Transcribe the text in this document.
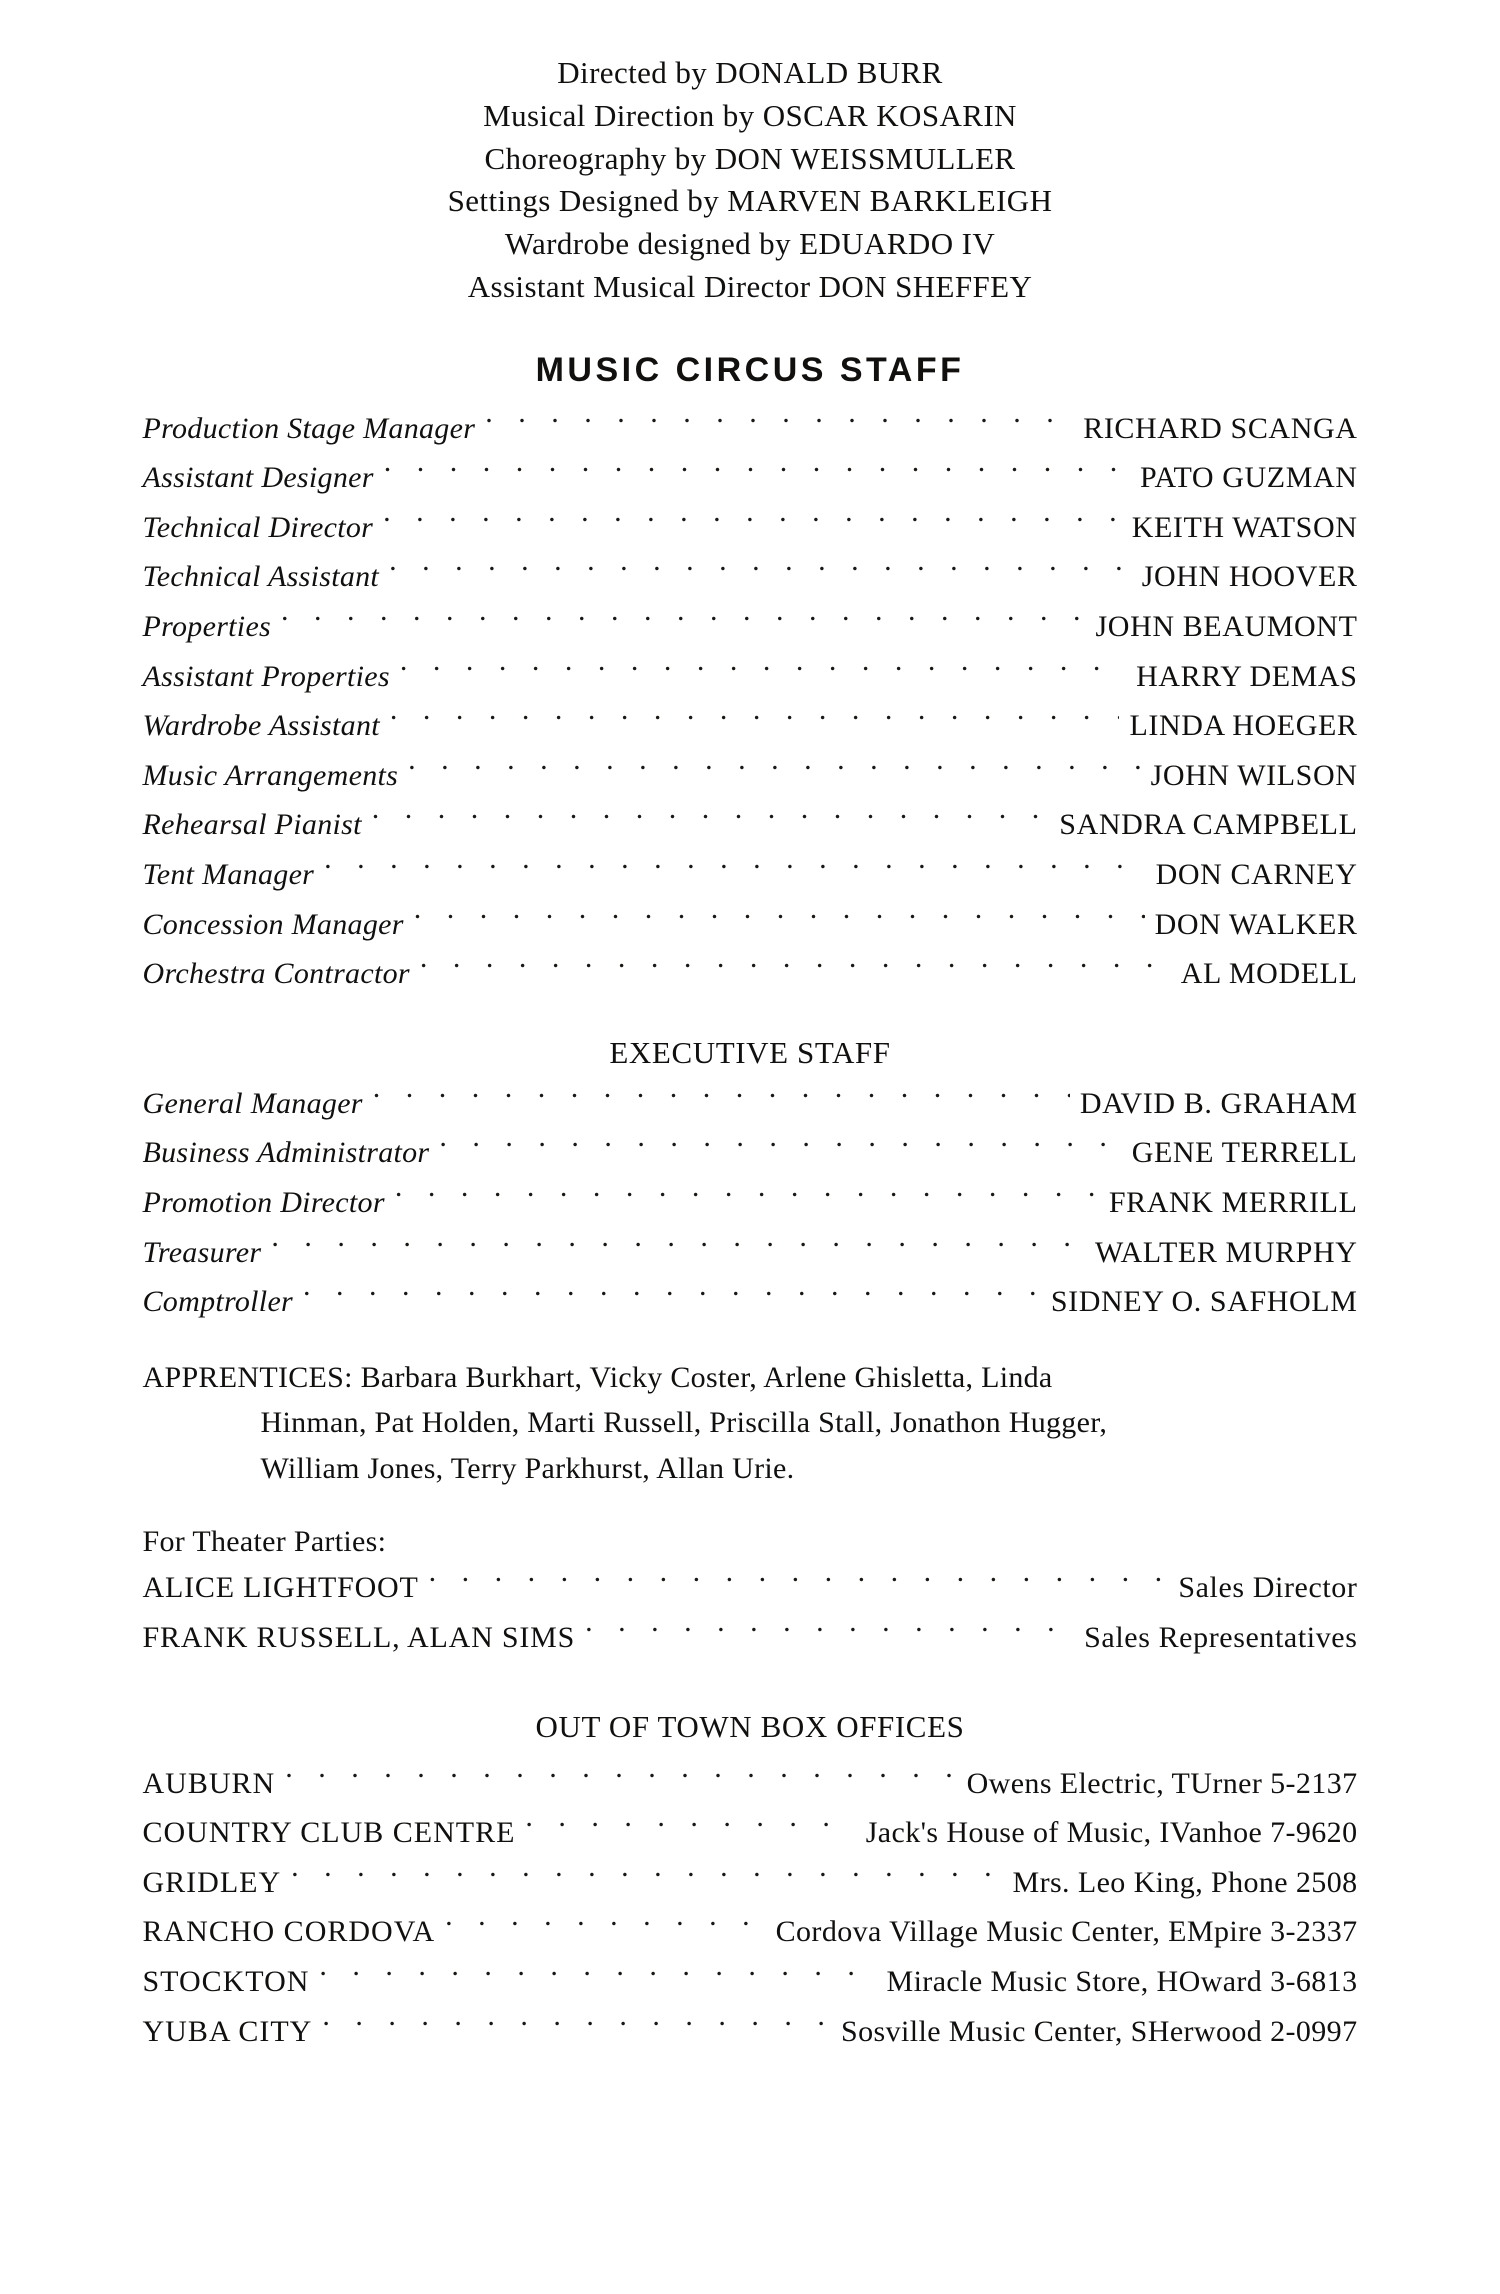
Directed by DONALD BURR
Musical Direction by OSCAR KOSARIN
Choreography by DON WEISSMULLER
Settings Designed by MARVEN BARKLEIGH
Wardrobe designed by EDUARDO IV
Assistant Musical Director DON SHEFFEY
MUSIC CIRCUS STAFF
Production Stage Manager . . .	RICHARD SCANGA
Assistant Designer . . .	PATO GUZMAN
Technical Director . . .	KEITH WATSON
Technical Assistant . . .	JOHN HOOVER
Properties . . .	JOHN BEAUMONT
Assistant Properties . . .	HARRY DEMAS
Wardrobe Assistant . . .	LINDA HOEGER
Music Arrangements . . .	JOHN WILSON
Rehearsal Pianist . . .	SANDRA CAMPBELL
Tent Manager . . .	DON CARNEY
Concession Manager . . .	DON WALKER
Orchestra Contractor . . .	AL MODELL
EXECUTIVE STAFF
General Manager . . .	DAVID B. GRAHAM
Business Administrator . . .	GENE TERRELL
Promotion Director . . .	FRANK MERRILL
Treasurer . . .	WALTER MURPHY
Comptroller . . .	SIDNEY O. SAFHOLM
APPRENTICES: Barbara Burkhart, Vicky Coster, Arlene Ghisletta, Linda
Hinman, Pat Holden, Marti Russell, Priscilla Stall, Jonathon Hugger,
William Jones, Terry Parkhurst, Allan Urie.
For Theater Parties:
ALICE LIGHTFOOT . . .	Sales Director
FRANK RUSSELL, ALAN SIMS . . .	Sales Representatives
OUT OF TOWN BOX OFFICES
AUBURN . . .	Owens Electric, TUrner 5-2137
COUNTRY CLUB CENTRE . . .	Jack's House of Music, IVanhoe 7-9620
GRIDLEY . . .	Mrs. Leo King, Phone 2508
RANCHO CORDOVA . . .	Cordova Village Music Center, EMpire 3-2337
STOCKTON . . .	Miracle Music Store, HOward 3-6813
YUBA CITY . . .	Sosville Music Center, SHerwood 2-0997
